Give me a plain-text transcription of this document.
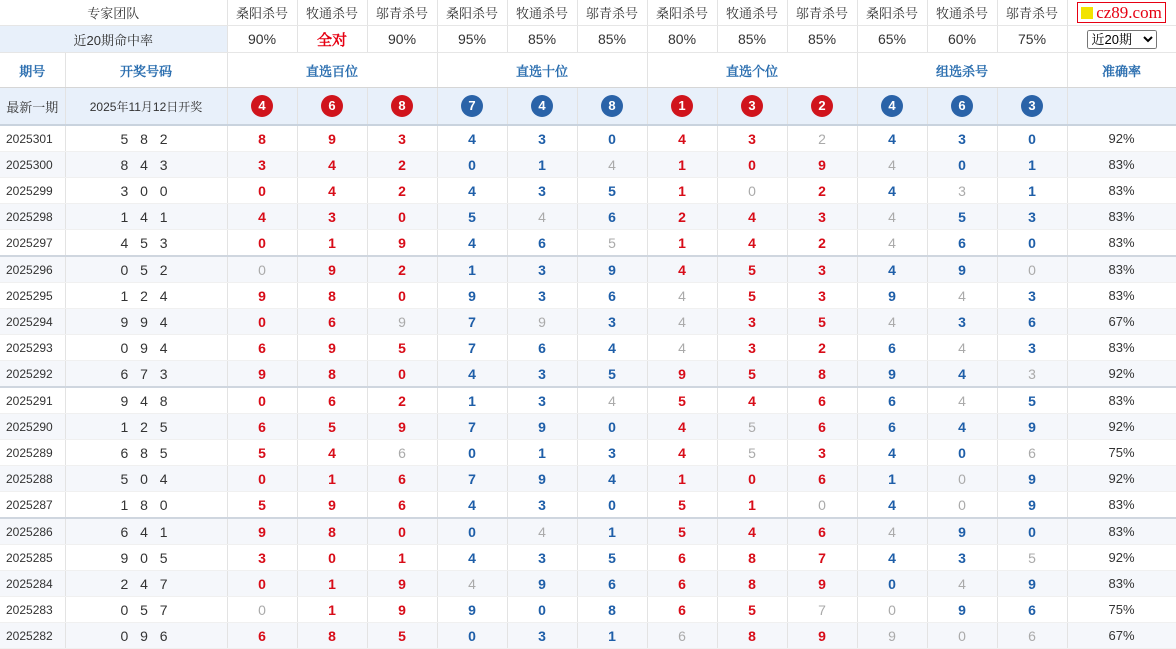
专家团队		桑阳杀号	牧通杀号	邬青杀号	桑阳杀号	牧通杀号	邬青杀号	桑阳杀号	牧通杀号	邬青杀号	桑阳杀号	牧通杀号	邬青杀号	cz89.com
近20期命中率		90%	全对	90%	95%	85%	85%	80%	85%	85%	65%	60%	75%	
近20期
期号	开奖号码	直选百位			直选十位			直选个位			组选杀号			准确率
最新一期	2025年11月12日开奖	4	6	8	7	4	8	1	3	2	4	6	3	
2025301	5 8 2	8	9	3	4	3	0	4	3	2	4	3	0	92%
2025300	8 4 3	3	4	2	0	1	4	1	0	9	4	0	1	83%
2025299	3 0 0	0	4	2	4	3	5	1	0	2	4	3	1	83%
2025298	1 4 1	4	3	0	5	4	6	2	4	3	4	5	3	83%
2025297	4 5 3	0	1	9	4	6	5	1	4	2	4	6	0	83%
2025296	0 5 2	0	9	2	1	3	9	4	5	3	4	9	0	83%
2025295	1 2 4	9	8	0	9	3	6	4	5	3	9	4	3	83%
2025294	9 9 4	0	6	9	7	9	3	4	3	5	4	3	6	67%
2025293	0 9 4	6	9	5	7	6	4	4	3	2	6	4	3	83%
2025292	6 7 3	9	8	0	4	3	5	9	5	8	9	4	3	92%
2025291	9 4 8	0	6	2	1	3	4	5	4	6	6	4	5	83%
2025290	1 2 5	6	5	9	7	9	0	4	5	6	6	4	9	92%
2025289	6 8 5	5	4	6	0	1	3	4	5	3	4	0	6	75%
2025288	5 0 4	0	1	6	7	9	4	1	0	6	1	0	9	92%
2025287	1 8 0	5	9	6	4	3	0	5	1	0	4	0	9	83%
2025286	6 4 1	9	8	0	0	4	1	5	4	6	4	9	0	83%
2025285	9 0 5	3	0	1	4	3	5	6	8	7	4	3	5	92%
2025284	2 4 7	0	1	9	4	9	6	6	8	9	0	4	9	83%
2025283	0 5 7	0	1	9	9	0	8	6	5	7	0	9	6	75%
2025282	0 9 6	6	8	5	0	3	1	6	8	9	9	0	6	67%
